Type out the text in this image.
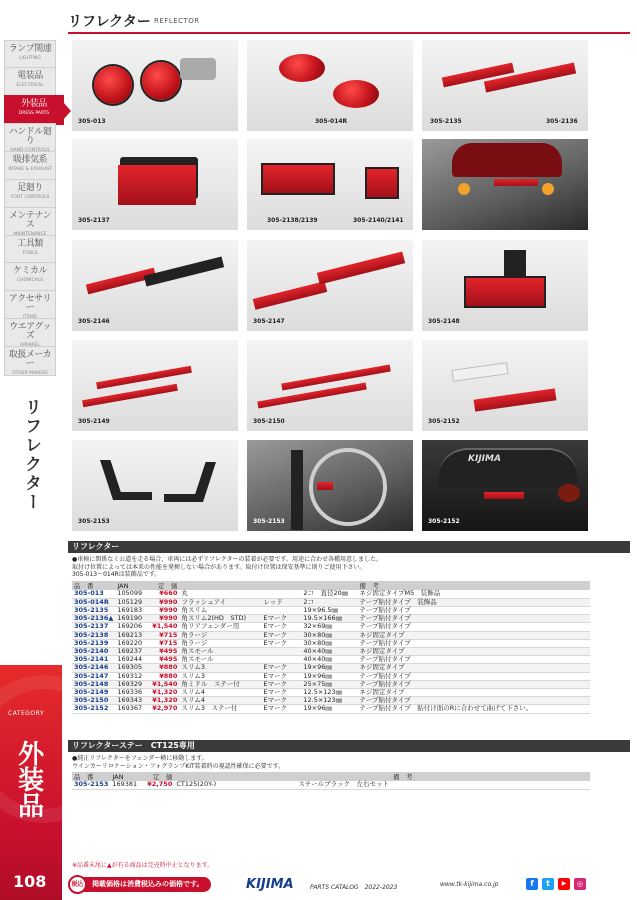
ランプ関連
LIGHTING
電装品
ELECTRICAL
外装品
DRESS PARTS
ハンドル廻り
吸排気系
INTAKE & EXHAUST
足廻り
FOOT CONTROLS
メンテナンス
工具類
TOOLS
ケミカル
CHEMICALS
アクセサリー
ウエアグッズ
取扱メーカー
OTHER MAKERS
リフレクター
CATEGORY
外装品
108
リフレクター REFLECTOR
305-013	305-014R	305-2135	305-2136
305-2137	305-2138/2139	305-2140/2141
305-2146	305-2147	305-2148
305-2149	305-2150	305-2152
305-2153	305-2153
KIJIMA
305-2152
リフレクター
●車検に関係なく公道を走る場合、車両には必ずリフレクターの装着が必要です。用途に合わせ各種用意しました。
取付け位置によっては本来の性能を発揮しない場合があります。取付け位置は保安基準に則りご使用下さい。
305-013～014Rは装飾品です。
品　番	JAN	定　価				備　考
305-013	105099	¥660	丸		2コ　直径20㎜	ネジ固定タイプM5　装飾品
305-014R	105129	¥990	フラッシュアイ	レッド	2コ	テープ貼付タイプ　装飾品
305-2135	169183	¥990	角スリム		19×96.5㎜	テープ貼付タイプ
305-2136▲	169190	¥990	角スリム2(HD　STD)	Eマーク	19.5×166㎜	テープ貼付タイプ
305-2137	169206	¥1,540	角リアフェンダー用	Eマーク	32×69㎜	テープ貼付タイプ
305-2138	169213	¥715	角ラージ	Eマーク	30×80㎜	ネジ固定タイプ
305-2139	169220	¥715	角ラージ	Eマーク	30×80㎜	テープ貼付タイプ
305-2140	169237	¥495	角スモール		40×40㎜	ネジ固定タイプ
305-2141	169244	¥495	角スモール		40×40㎜	テープ貼付タイプ
305-2146	169305	¥880	スリム3	Eマーク	19×96㎜	ネジ固定タイプ
305-2147	169312	¥880	スリム3	Eマーク	19×96㎜	テープ貼付タイプ
305-2148	169329	¥1,540	角ミドル　ステー付	Eマーク	25×75㎜	テープ貼付タイプ
305-2149	169336	¥1,320	スリム4	Eマーク	12.5×123㎜	ネジ固定タイプ
305-2150	169343	¥1,320	スリム4	Eマーク	12.5×123㎜	テープ貼付タイプ
305-2152	169367	¥2,970	スリム3　ステー付	Eマーク	19×96㎜	テープ貼付タイプ　貼付け面のRに合わせて曲げて下さい。
リフレクターステー　CT125専用
●純正リフレクターをフェンダー横に移動します。
ウインカーリロケーション・フォグランプKIT装着時の視認性確保に必要です。
品　番	JAN	定　価				備　考
305-2153	169381	¥2,750	CT125(20Y-)		スチールブラック　左右セット	
※品番末尾に▲が有る商品は完売時中止となります。
掲載価格は消費税込みの価格です。
税込	KIJIMA	PARTS CATALOG　2022-2023	www.tk-kijima.co.jp	f	t	▶	◎
